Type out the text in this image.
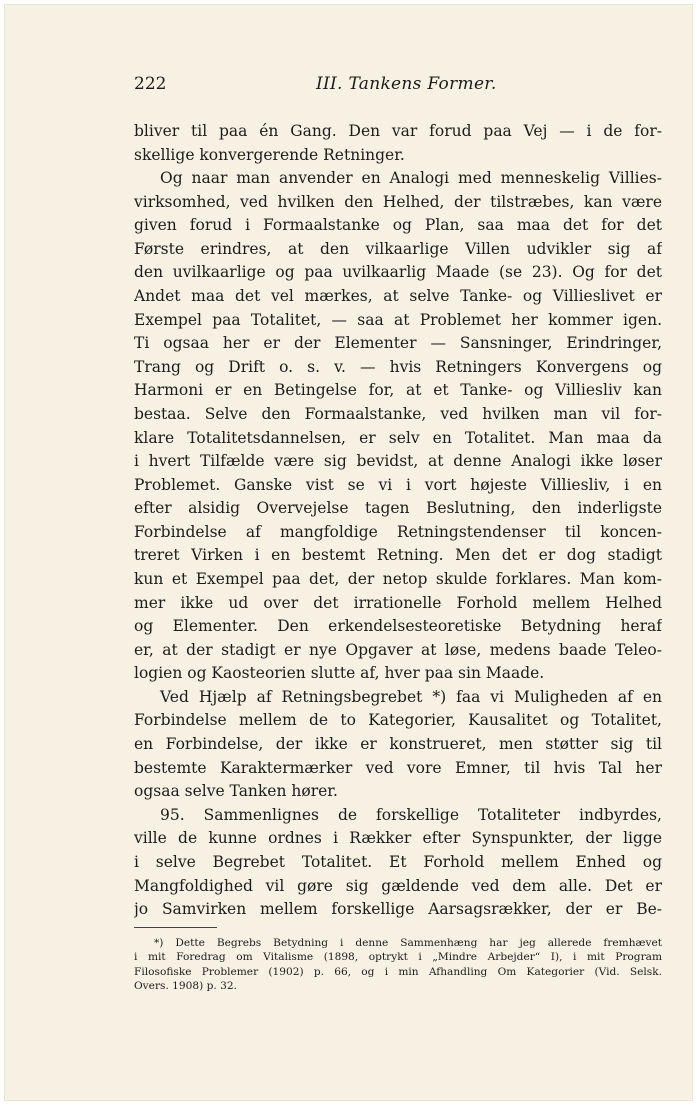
222	III. Tankens Former.
bliver til paa én Gang. Den var forud paa Vej — i de for-
skellige konvergerende Retninger.
Og naar man anvender en Analogi med menneskelig Villies-
virksomhed, ved hvilken den Helhed, der tilstræbes, kan være
given forud i Formaalstanke og Plan, saa maa det for det
Første erindres, at den vilkaarlige Villen udvikler sig af
den uvilkaarlige og paa uvilkaarlig Maade (se 23). Og for det
Andet maa det vel mærkes, at selve Tanke- og Villieslivet er
Exempel paa Totalitet, — saa at Problemet her kommer igen.
Ti ogsaa her er der Elementer — Sansninger, Erindringer,
Trang og Drift o. s. v. — hvis Retningers Konvergens og
Harmoni er en Betingelse for, at et Tanke- og Villiesliv kan
bestaa. Selve den Formaalstanke, ved hvilken man vil for-
klare Totalitetsdannelsen, er selv en Totalitet. Man maa da
i hvert Tilfælde være sig bevidst, at denne Analogi ikke løser
Problemet. Ganske vist se vi i vort højeste Villiesliv, i en
efter alsidig Overvejelse tagen Beslutning, den inderligste
Forbindelse af mangfoldige Retningstendenser til koncen-
treret Virken i en bestemt Retning. Men det er dog stadigt
kun et Exempel paa det, der netop skulde forklares. Man kom-
mer ikke ud over det irrationelle Forhold mellem Helhed
og Elementer. Den erkendelsesteoretiske Betydning heraf
er, at der stadigt er nye Opgaver at løse, medens baade Teleo-
logien og Kaosteorien slutte af, hver paa sin Maade.
Ved Hjælp af Retningsbegrebet *) faa vi Muligheden af en
Forbindelse mellem de to Kategorier, Kausalitet og Totalitet,
en Forbindelse, der ikke er konstrueret, men støtter sig til
bestemte Karaktermærker ved vore Emner, til hvis Tal her
ogsaa selve Tanken hører.
95. Sammenlignes de forskellige Totaliteter indbyrdes,
ville de kunne ordnes i Rækker efter Synspunkter, der ligge
i selve Begrebet Totalitet. Et Forhold mellem Enhed og
Mangfoldighed vil gøre sig gældende ved dem alle. Det er
jo Samvirken mellem forskellige Aarsagsrækker, der er Be-
*) Dette Begrebs Betydning i denne Sammenhæng har jeg allerede fremhævet
i mit Foredrag om Vitalisme (1898, optrykt i „Mindre Arbejder“ I), i mit Program
Filosofiske Problemer (1902) p. 66, og i min Afhandling Om Kategorier (Vid. Selsk.
Overs. 1908) p. 32.
